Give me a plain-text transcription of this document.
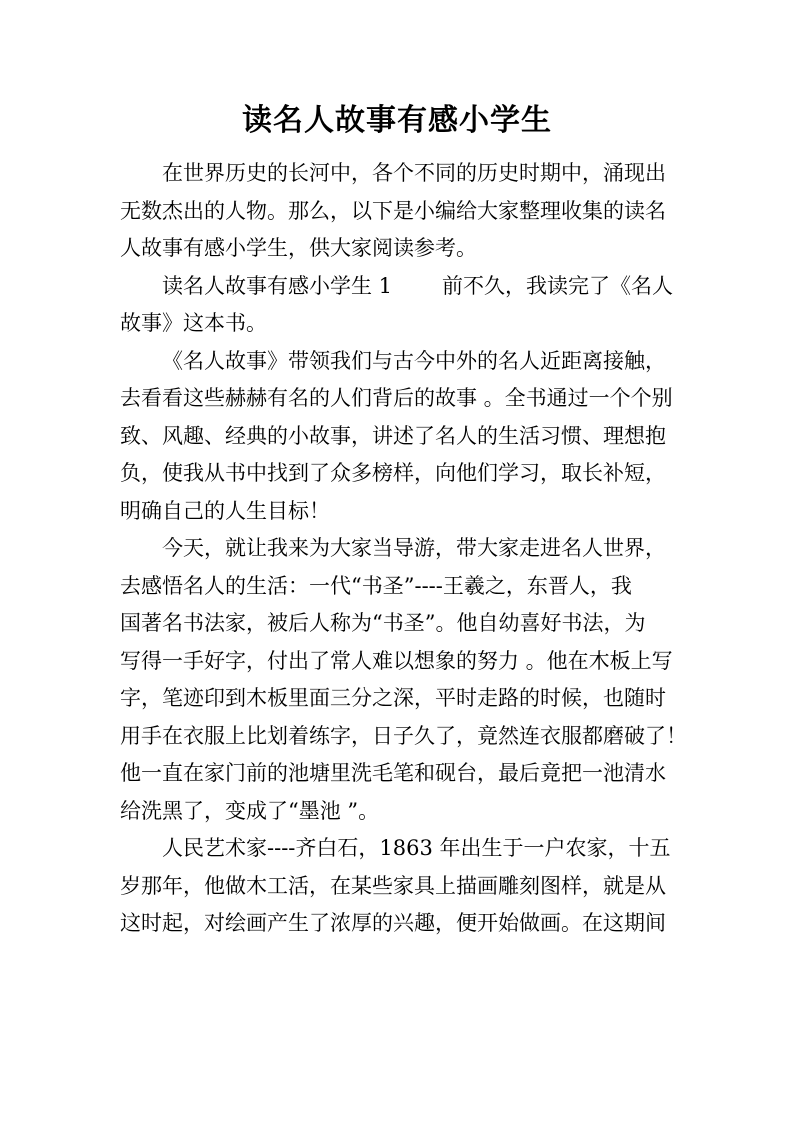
读名人故事有感小学生
在世界历史的长河中，各个不同的历史时期中，涌现出
无数杰出的人物。那么，以下是小编给大家整理收集的读名
人故事有感小学生，供大家阅读参考。
读名人故事有感小学生 1 前不久，我读完了《名人
故事》这本书。
《名人故事》带领我们与古今中外的名人近距离接触，
去看看这些赫赫有名的人们背后的故事 。全书通过一个个别
致、风趣、经典的小故事，讲述了名人的生活习惯、理想抱
负，使我从书中找到了众多榜样，向他们学习，取长补短，
明确自己的人生目标！
今天，就让我来为大家当导游，带大家走进名人世界，
去感悟名人的生活：一代“书圣”----王羲之，东晋人，我
国著名书法家，被后人称为“书圣”。他自幼喜好书法，为
写得一手好字，付出了常人难以想象的努力 。他在木板上写
字，笔迹印到木板里面三分之深，平时走路的时候，也随时
用手在衣服上比划着练字，日子久了，竟然连衣服都磨破了！
他一直在家门前的池塘里洗毛笔和砚台，最后竟把一池清水
给洗黑了，变成了“墨池 ”。
人民艺术家----齐白石，1863 年出生于一户农家，十五
岁那年，他做木工活，在某些家具上描画雕刻图样，就是从
这时起，对绘画产生了浓厚的兴趣，便开始做画。在这期间
